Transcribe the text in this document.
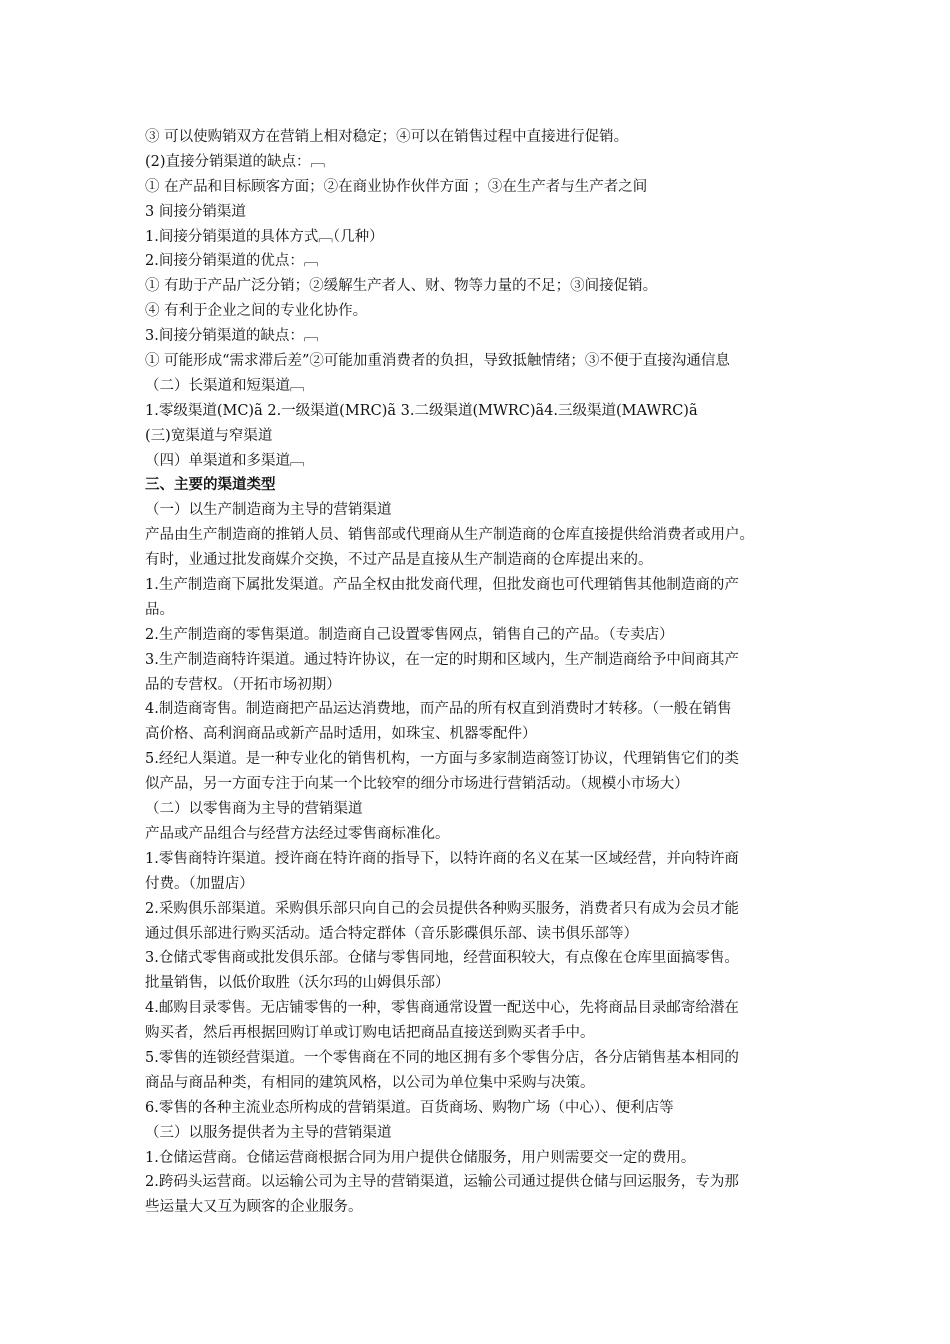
③ 可以使购销双方在营销上相对稳定；④可以在销售过程中直接进行促销。
(2)直接分销渠道的缺点：﹇
① 在产品和目标顾客方面；②在商业协作伙伴方面 ；③在生产者与生产者之间
3 间接分销渠道
1.间接分销渠道的具体方式﹇（几种）
2.间接分销渠道的优点：﹇
① 有助于产品广泛分销；②缓解生产者人、财、物等力量的不足；③间接促销。
④ 有利于企业之间的专业化协作。
3.间接分销渠道的缺点：﹇
① 可能形成“需求滞后差”②可能加重消费者的负担，导致抵触情绪；③不便于直接沟通信息
（二）长渠道和短渠道﹇
1.零级渠道(MC)ã 2.一级渠道(MRC)ã 3.二级渠道(MWRC)ã4.三级渠道(MAWRC)ã
(三)宽渠道与窄渠道
（四）单渠道和多渠道﹇
三、主要的渠道类型
（一）以生产制造商为主导的营销渠道
产品由生产制造商的推销人员、销售部或代理商从生产制造商的仓库直接提供给消费者或用户。
有时，业通过批发商媒介交换，不过产品是直接从生产制造商的仓库提出来的。
1.生产制造商下属批发渠道。产品全权由批发商代理，但批发商也可代理销售其他制造商的产
品。
2.生产制造商的零售渠道。制造商自己设置零售网点，销售自己的产品。（专卖店）
3.生产制造商特许渠道。通过特许协议，在一定的时期和区域内，生产制造商给予中间商其产
品的专营权。（开拓市场初期）
4.制造商寄售。制造商把产品运达消费地，而产品的所有权直到消费时才转移。（一般在销售
高价格、高利润商品或新产品时适用，如珠宝、机器零配件）
5.经纪人渠道。是一种专业化的销售机构，一方面与多家制造商签订协议，代理销售它们的类
似产品，另一方面专注于向某一个比较窄的细分市场进行营销活动。（规模小市场大）
（二）以零售商为主导的营销渠道
产品或产品组合与经营方法经过零售商标准化。
1.零售商特许渠道。授许商在特许商的指导下，以特许商的名义在某一区域经营，并向特许商
付费。（加盟店）
2.采购俱乐部渠道。采购俱乐部只向自己的会员提供各种购买服务，消费者只有成为会员才能
通过俱乐部进行购买活动。适合特定群体（音乐影碟俱乐部、读书俱乐部等）
3.仓储式零售商或批发俱乐部。仓储与零售同地，经营面积较大，有点像在仓库里面搞零售。
批量销售，以低价取胜（沃尔玛的山姆俱乐部）
4.邮购目录零售。无店铺零售的一种，零售商通常设置一配送中心，先将商品目录邮寄给潜在
购买者，然后再根据回购订单或订购电话把商品直接送到购买者手中。
5.零售的连锁经营渠道。一个零售商在不同的地区拥有多个零售分店，各分店销售基本相同的
商品与商品种类，有相同的建筑风格，以公司为单位集中采购与决策。
6.零售的各种主流业态所构成的营销渠道。百货商场、购物广场（中心）、便利店等
（三）以服务提供者为主导的营销渠道
1.仓储运营商。仓储运营商根据合同为用户提供仓储服务，用户则需要交一定的费用。
2.跨码头运营商。以运输公司为主导的营销渠道，运输公司通过提供仓储与回运服务，专为那
些运量大又互为顾客的企业服务。
